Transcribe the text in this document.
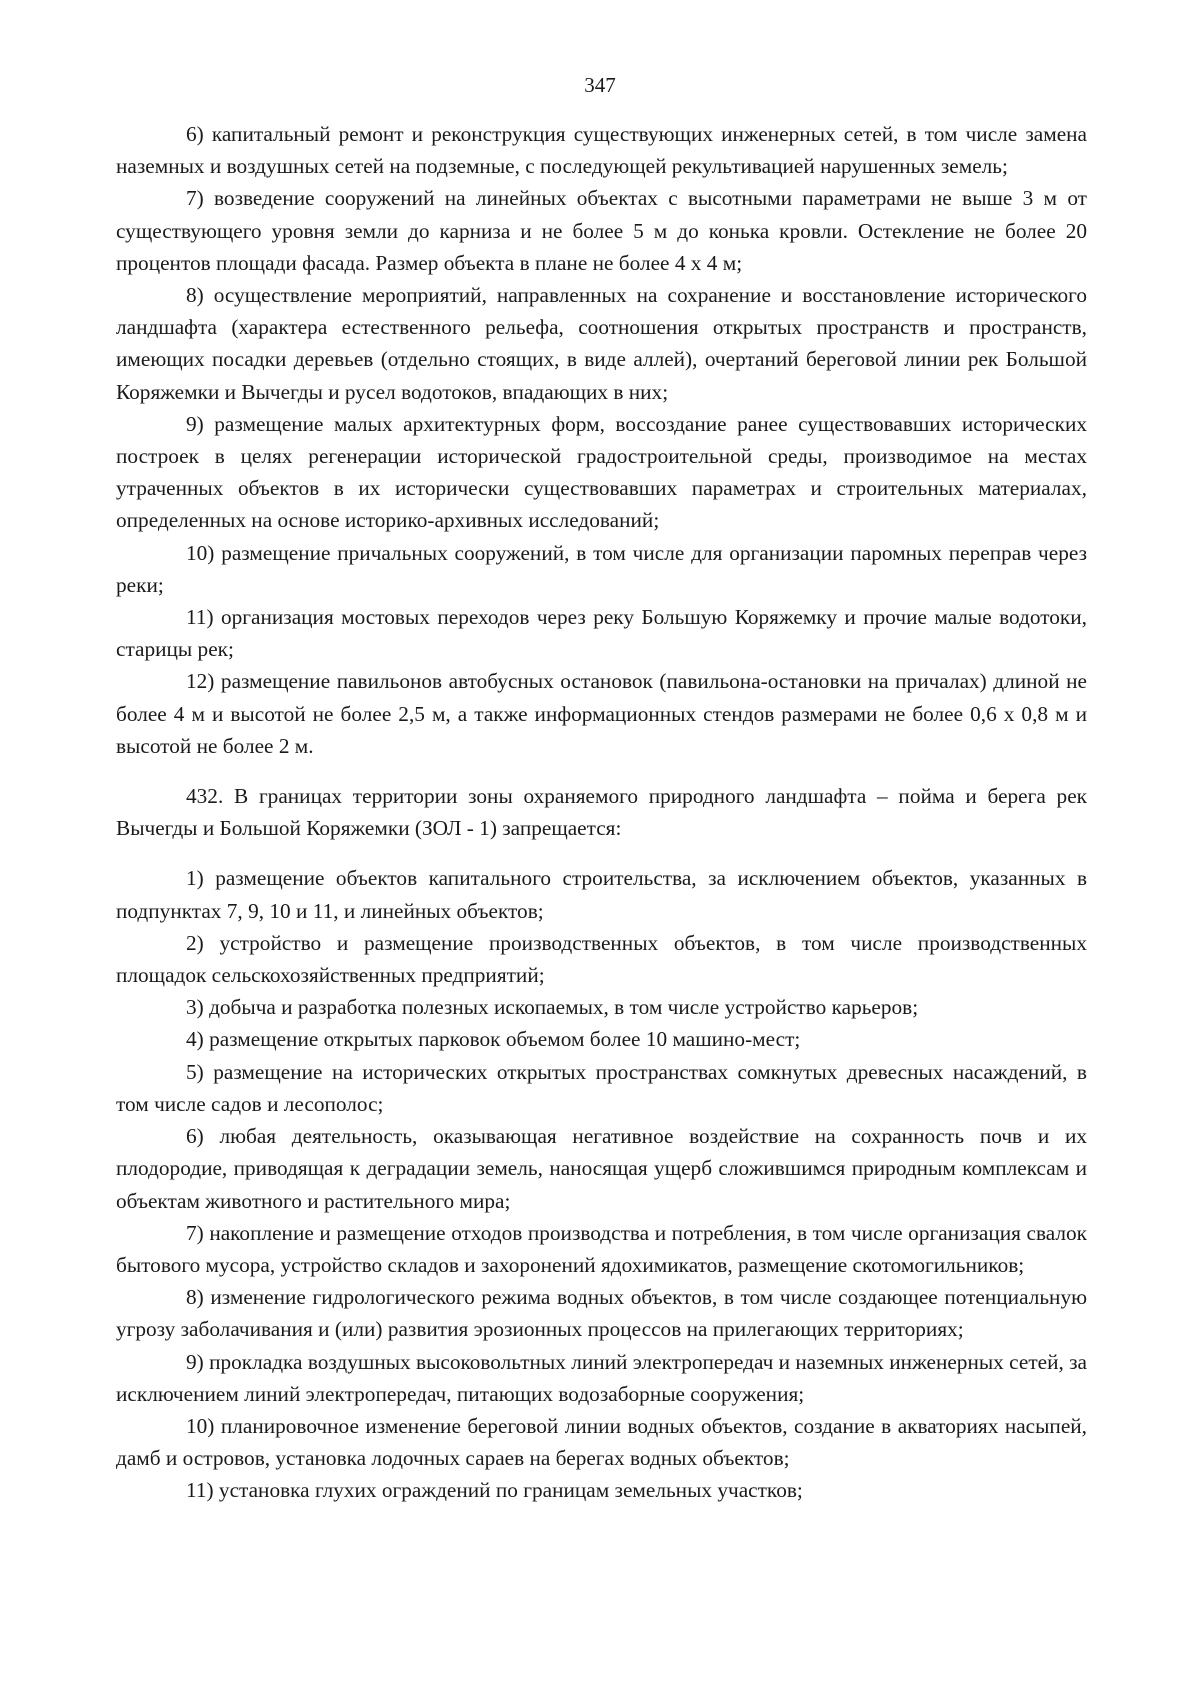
347

6) капитальный ремонт и реконструкция существующих инженерных сетей, в том числе замена наземных и воздушных сетей на подземные, с последующей рекультивацией нарушенных земель;

7) возведение сооружений на линейных объектах с высотными параметрами не выше 3 м от существующего уровня земли до карниза и не более 5 м до конька кровли. Остекление не более 20 процентов площади фасада. Размер объекта в плане не более 4 х 4 м;

8) осуществление мероприятий, направленных на сохранение и восстановление исторического ландшафта (характера естественного рельефа, соотношения открытых пространств и пространств, имеющих посадки деревьев (отдельно стоящих, в виде аллей), очертаний береговой линии рек Большой Коряжемки и Вычегды и русел водотоков, впадающих в них;

9) размещение малых архитектурных форм, воссоздание ранее существовавших исторических построек в целях регенерации исторической градостроительной среды, производимое на местах утраченных объектов в их исторически существовавших параметрах и строительных материалах, определенных на основе историко-архивных исследований;

10) размещение причальных сооружений, в том числе для организации паромных переправ через реки;

11) организация мостовых переходов через реку Большую Коряжемку и прочие малые водотоки, старицы рек;

12) размещение павильонов автобусных остановок (павильона-остановки на причалах) длиной не более 4 м и высотой не более 2,5 м, а также информационных стендов размерами не более 0,6 х 0,8 м и высотой не более 2 м.

432. В границах территории зоны охраняемого природного ландшафта – пойма и берега рек Вычегды и Большой Коряжемки (ЗОЛ - 1) запрещается:

1) размещение объектов капитального строительства, за исключением объектов, указанных в подпунктах 7, 9, 10 и 11, и линейных объектов;

2) устройство и размещение производственных объектов, в том числе производственных площадок сельскохозяйственных предприятий;

3) добыча и разработка полезных ископаемых, в том числе устройство карьеров;

4) размещение открытых парковок объемом более 10 машино-мест;

5) размещение на исторических открытых пространствах сомкнутых древесных насаждений, в том числе садов и лесополос;

6) любая деятельность, оказывающая негативное воздействие на сохранность почв и их плодородие, приводящая к деградации земель, наносящая ущерб сложившимся природным комплексам и объектам животного и растительного мира;

7) накопление и размещение отходов производства и потребления, в том числе организация свалок бытового мусора, устройство складов и захоронений ядохимикатов, размещение скотомогильников;

8) изменение гидрологического режима водных объектов, в том числе создающее потенциальную угрозу заболачивания и (или) развития эрозионных процессов на прилегающих территориях;

9) прокладка воздушных высоковольтных линий электропередач и наземных инженерных сетей, за исключением линий электропередач, питающих водозаборные сооружения;

10) планировочное изменение береговой линии водных объектов, создание в акваториях насыпей, дамб и островов, установка лодочных сараев на берегах водных объектов;

11) установка глухих ограждений по границам земельных участков;
